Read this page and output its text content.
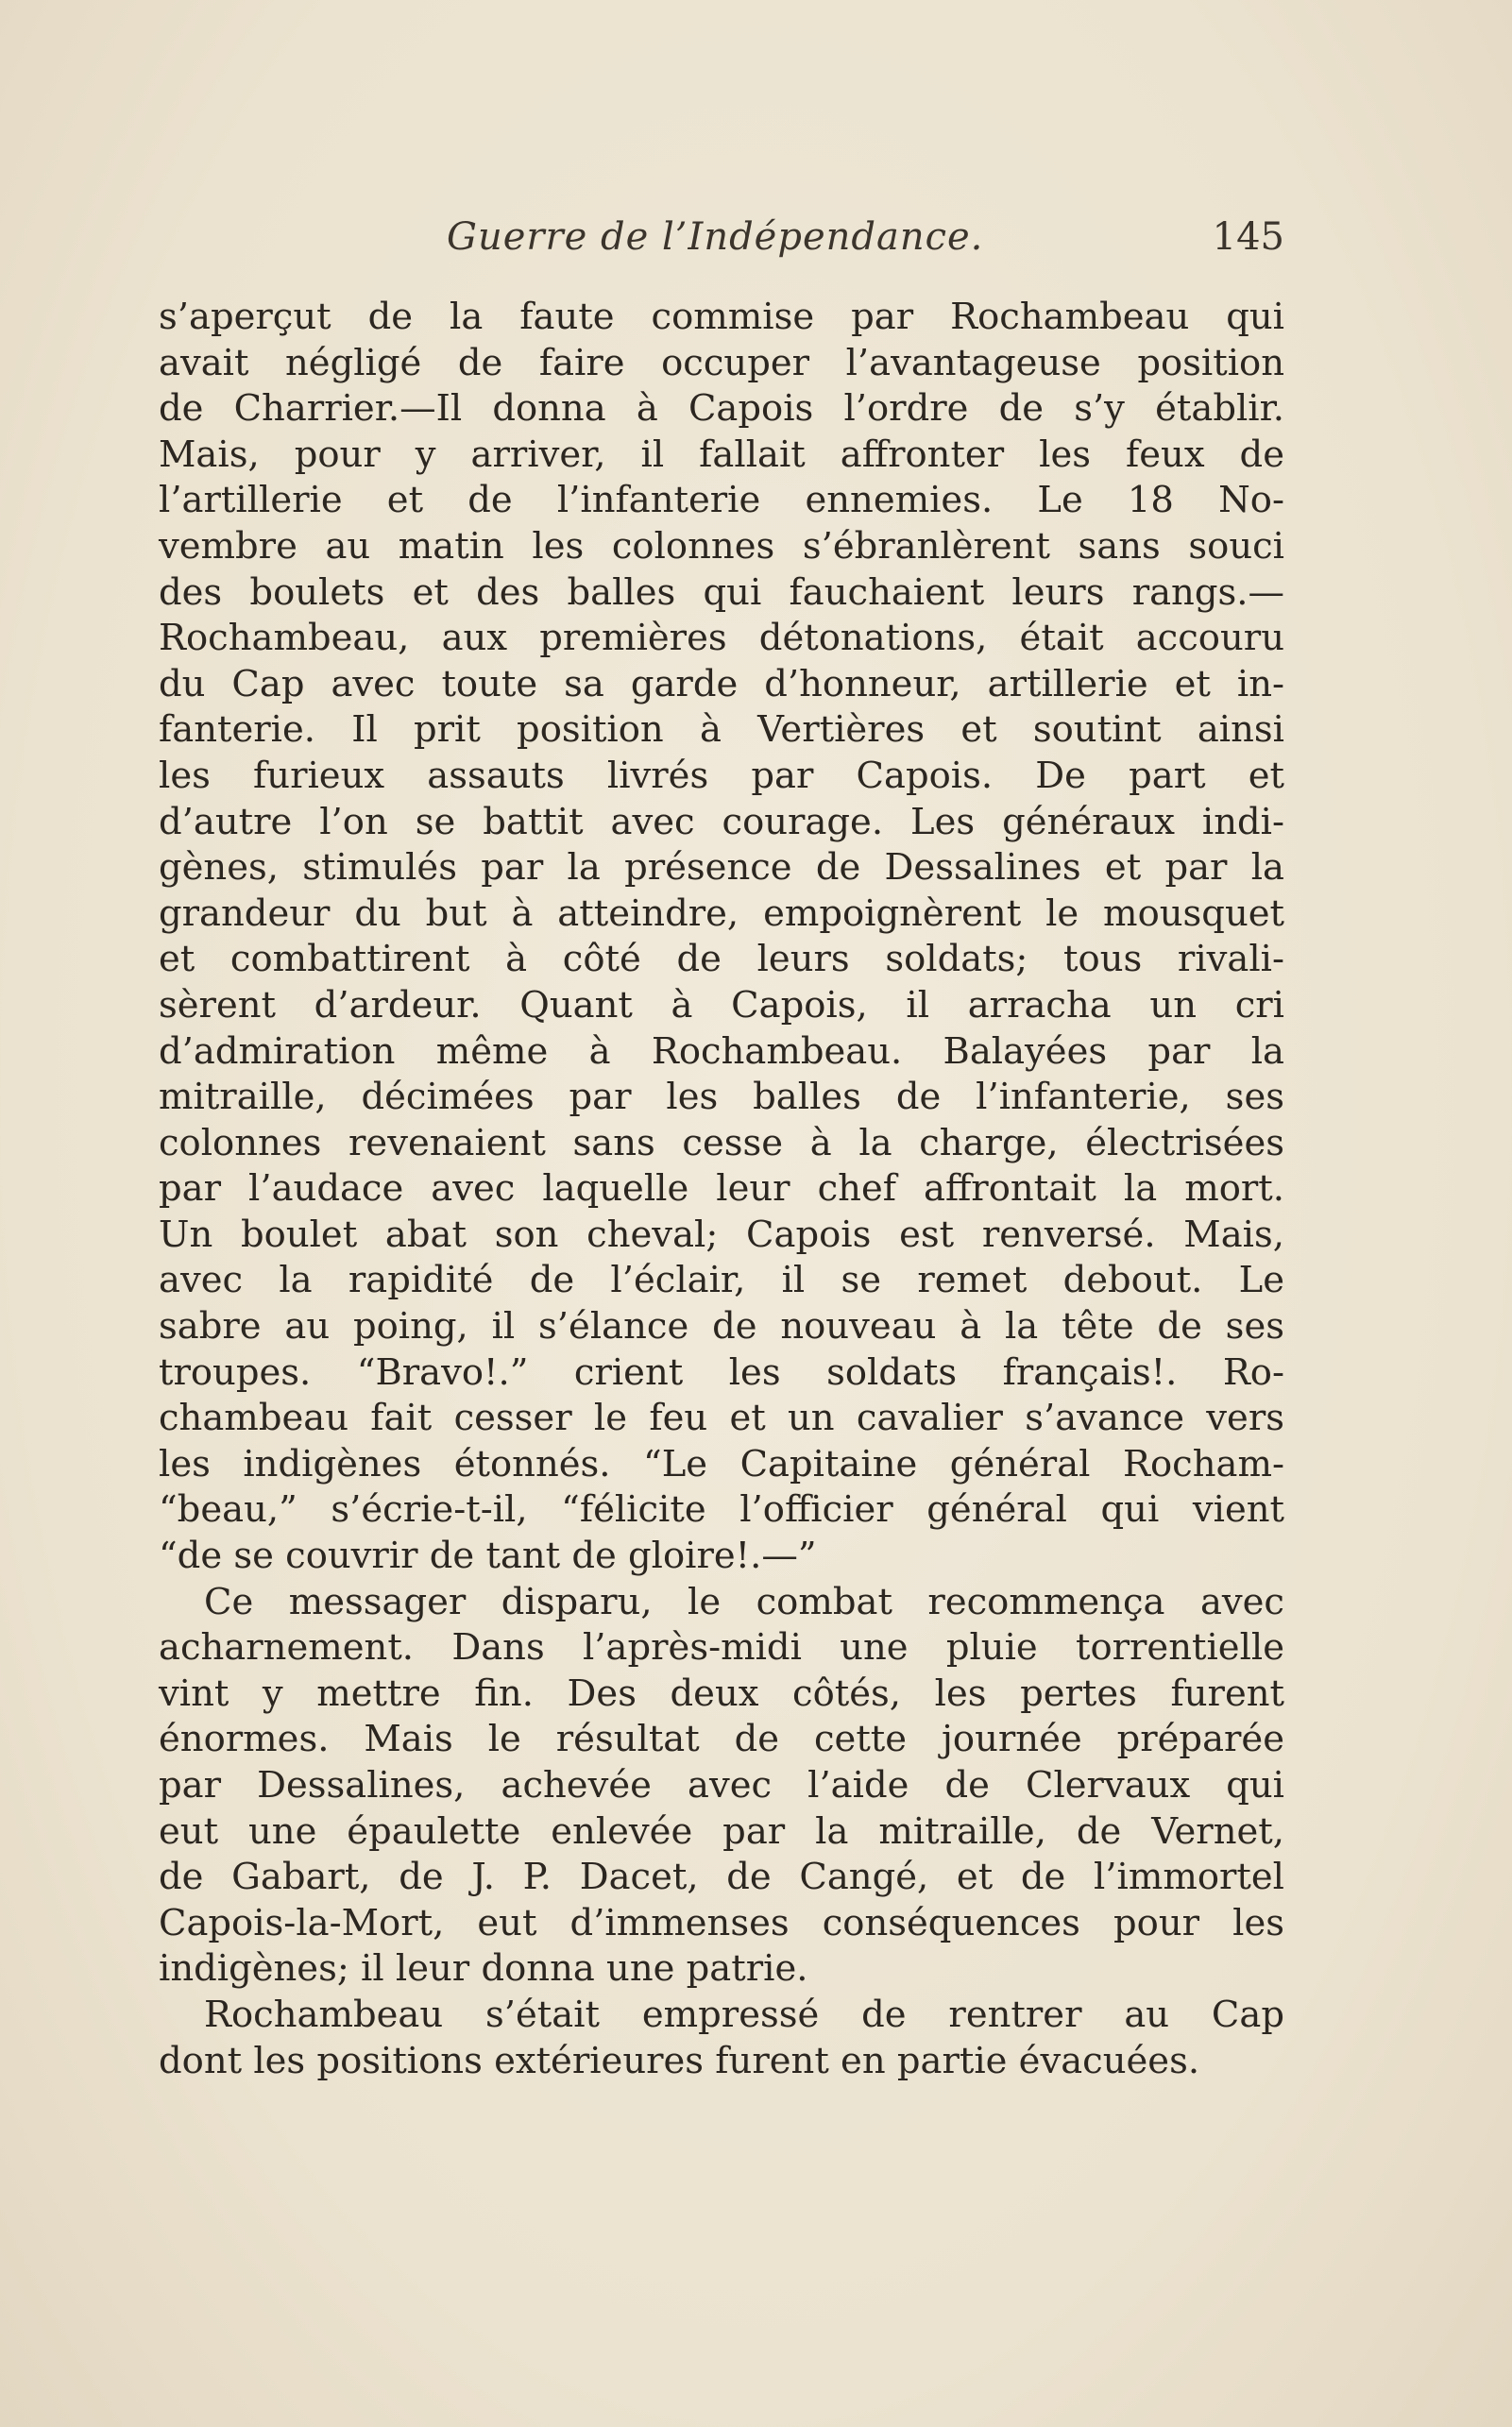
Guerre de l’Indépendance.	145
s’aperçut de la faute commise par Rochambeau qui
avait négligé de faire occuper l’avantageuse position
de Charrier.—Il donna à Capois l’ordre de s’y établir.
Mais, pour y arriver, il fallait affronter les feux de
l’artillerie et de l’infanterie ennemies. Le 18 No-
vembre au matin les colonnes s’ébranlèrent sans souci
des boulets et des balles qui fauchaient leurs rangs.—
Rochambeau, aux premières détonations, était accouru
du Cap avec toute sa garde d’honneur, artillerie et in-
fanterie. Il prit position à Vertières et soutint ainsi
les furieux assauts livrés par Capois. De part et
d’autre l’on se battit avec courage. Les généraux indi-
gènes, stimulés par la présence de Dessalines et par la
grandeur du but à atteindre, empoignèrent le mousquet
et combattirent à côté de leurs soldats; tous rivali-
sèrent d’ardeur. Quant à Capois, il arracha un cri
d’admiration même à Rochambeau. Balayées par la
mitraille, décimées par les balles de l’infanterie, ses
colonnes revenaient sans cesse à la charge, électrisées
par l’audace avec laquelle leur chef affrontait la mort.
Un boulet abat son cheval; Capois est renversé. Mais,
avec la rapidité de l’éclair, il se remet debout. Le
sabre au poing, il s’élance de nouveau à la tête de ses
troupes. “Bravo!.” crient les soldats français!. Ro-
chambeau fait cesser le feu et un cavalier s’avance vers
les indigènes étonnés. “Le Capitaine général Rocham-
“beau,” s’écrie-t-il, “félicite l’officier général qui vient
“de se couvrir de tant de gloire!.—”
Ce messager disparu, le combat recommença avec
acharnement. Dans l’après-midi une pluie torrentielle
vint y mettre fin. Des deux côtés, les pertes furent
énormes. Mais le résultat de cette journée préparée
par Dessalines, achevée avec l’aide de Clervaux qui
eut une épaulette enlevée par la mitraille, de Vernet,
de Gabart, de J. P. Dacet, de Cangé, et de l’immortel
Capois-la-Mort, eut d’immenses conséquences pour les
indigènes; il leur donna une patrie.
Rochambeau s’était empressé de rentrer au Cap
dont les positions extérieures furent en partie évacuées.
